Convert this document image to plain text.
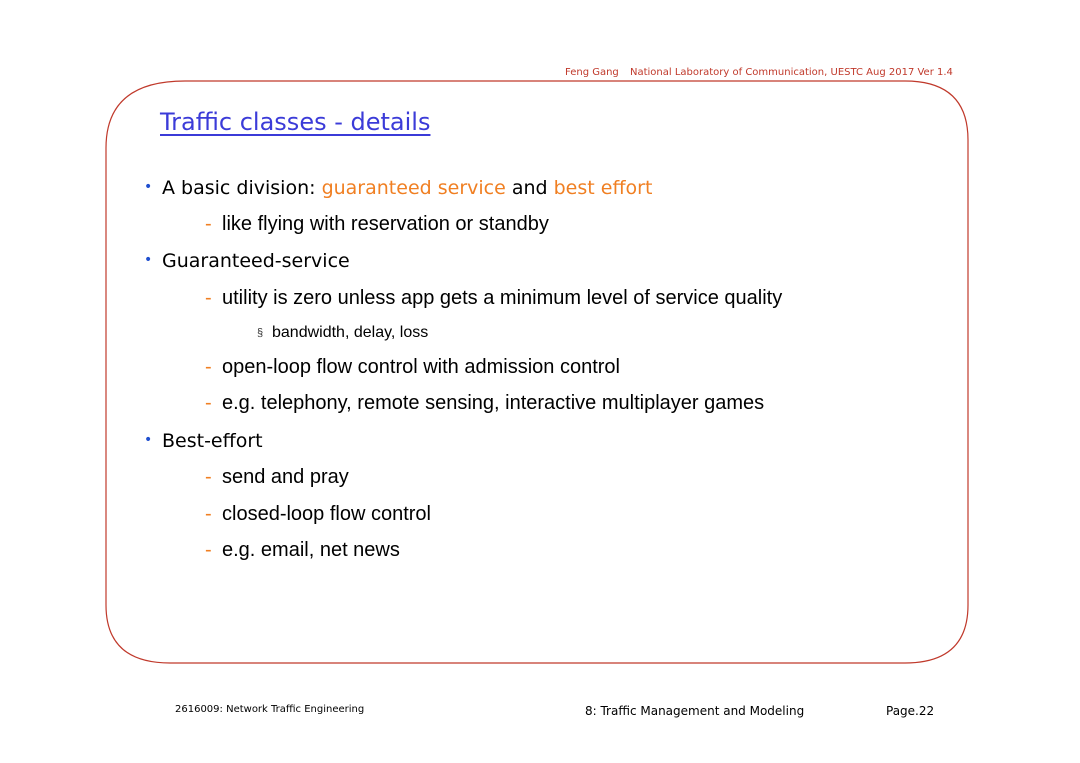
Feng Gang National Laboratory of Communication, UESTC Aug 2017 Ver 1.4
Traffic classes - details
• A basic division: guaranteed service and best effort
- like flying with reservation or standby
• Guaranteed-service
- utility is zero unless app gets a minimum level of service quality
§ bandwidth, delay, loss
- open-loop flow control with admission control
- e.g. telephony, remote sensing, interactive multiplayer games
• Best-effort
- send and pray
- closed-loop flow control
- e.g. email, net news
2616009: Network Traffic Engineering	8: Traffic Management and Modeling	Page.22
